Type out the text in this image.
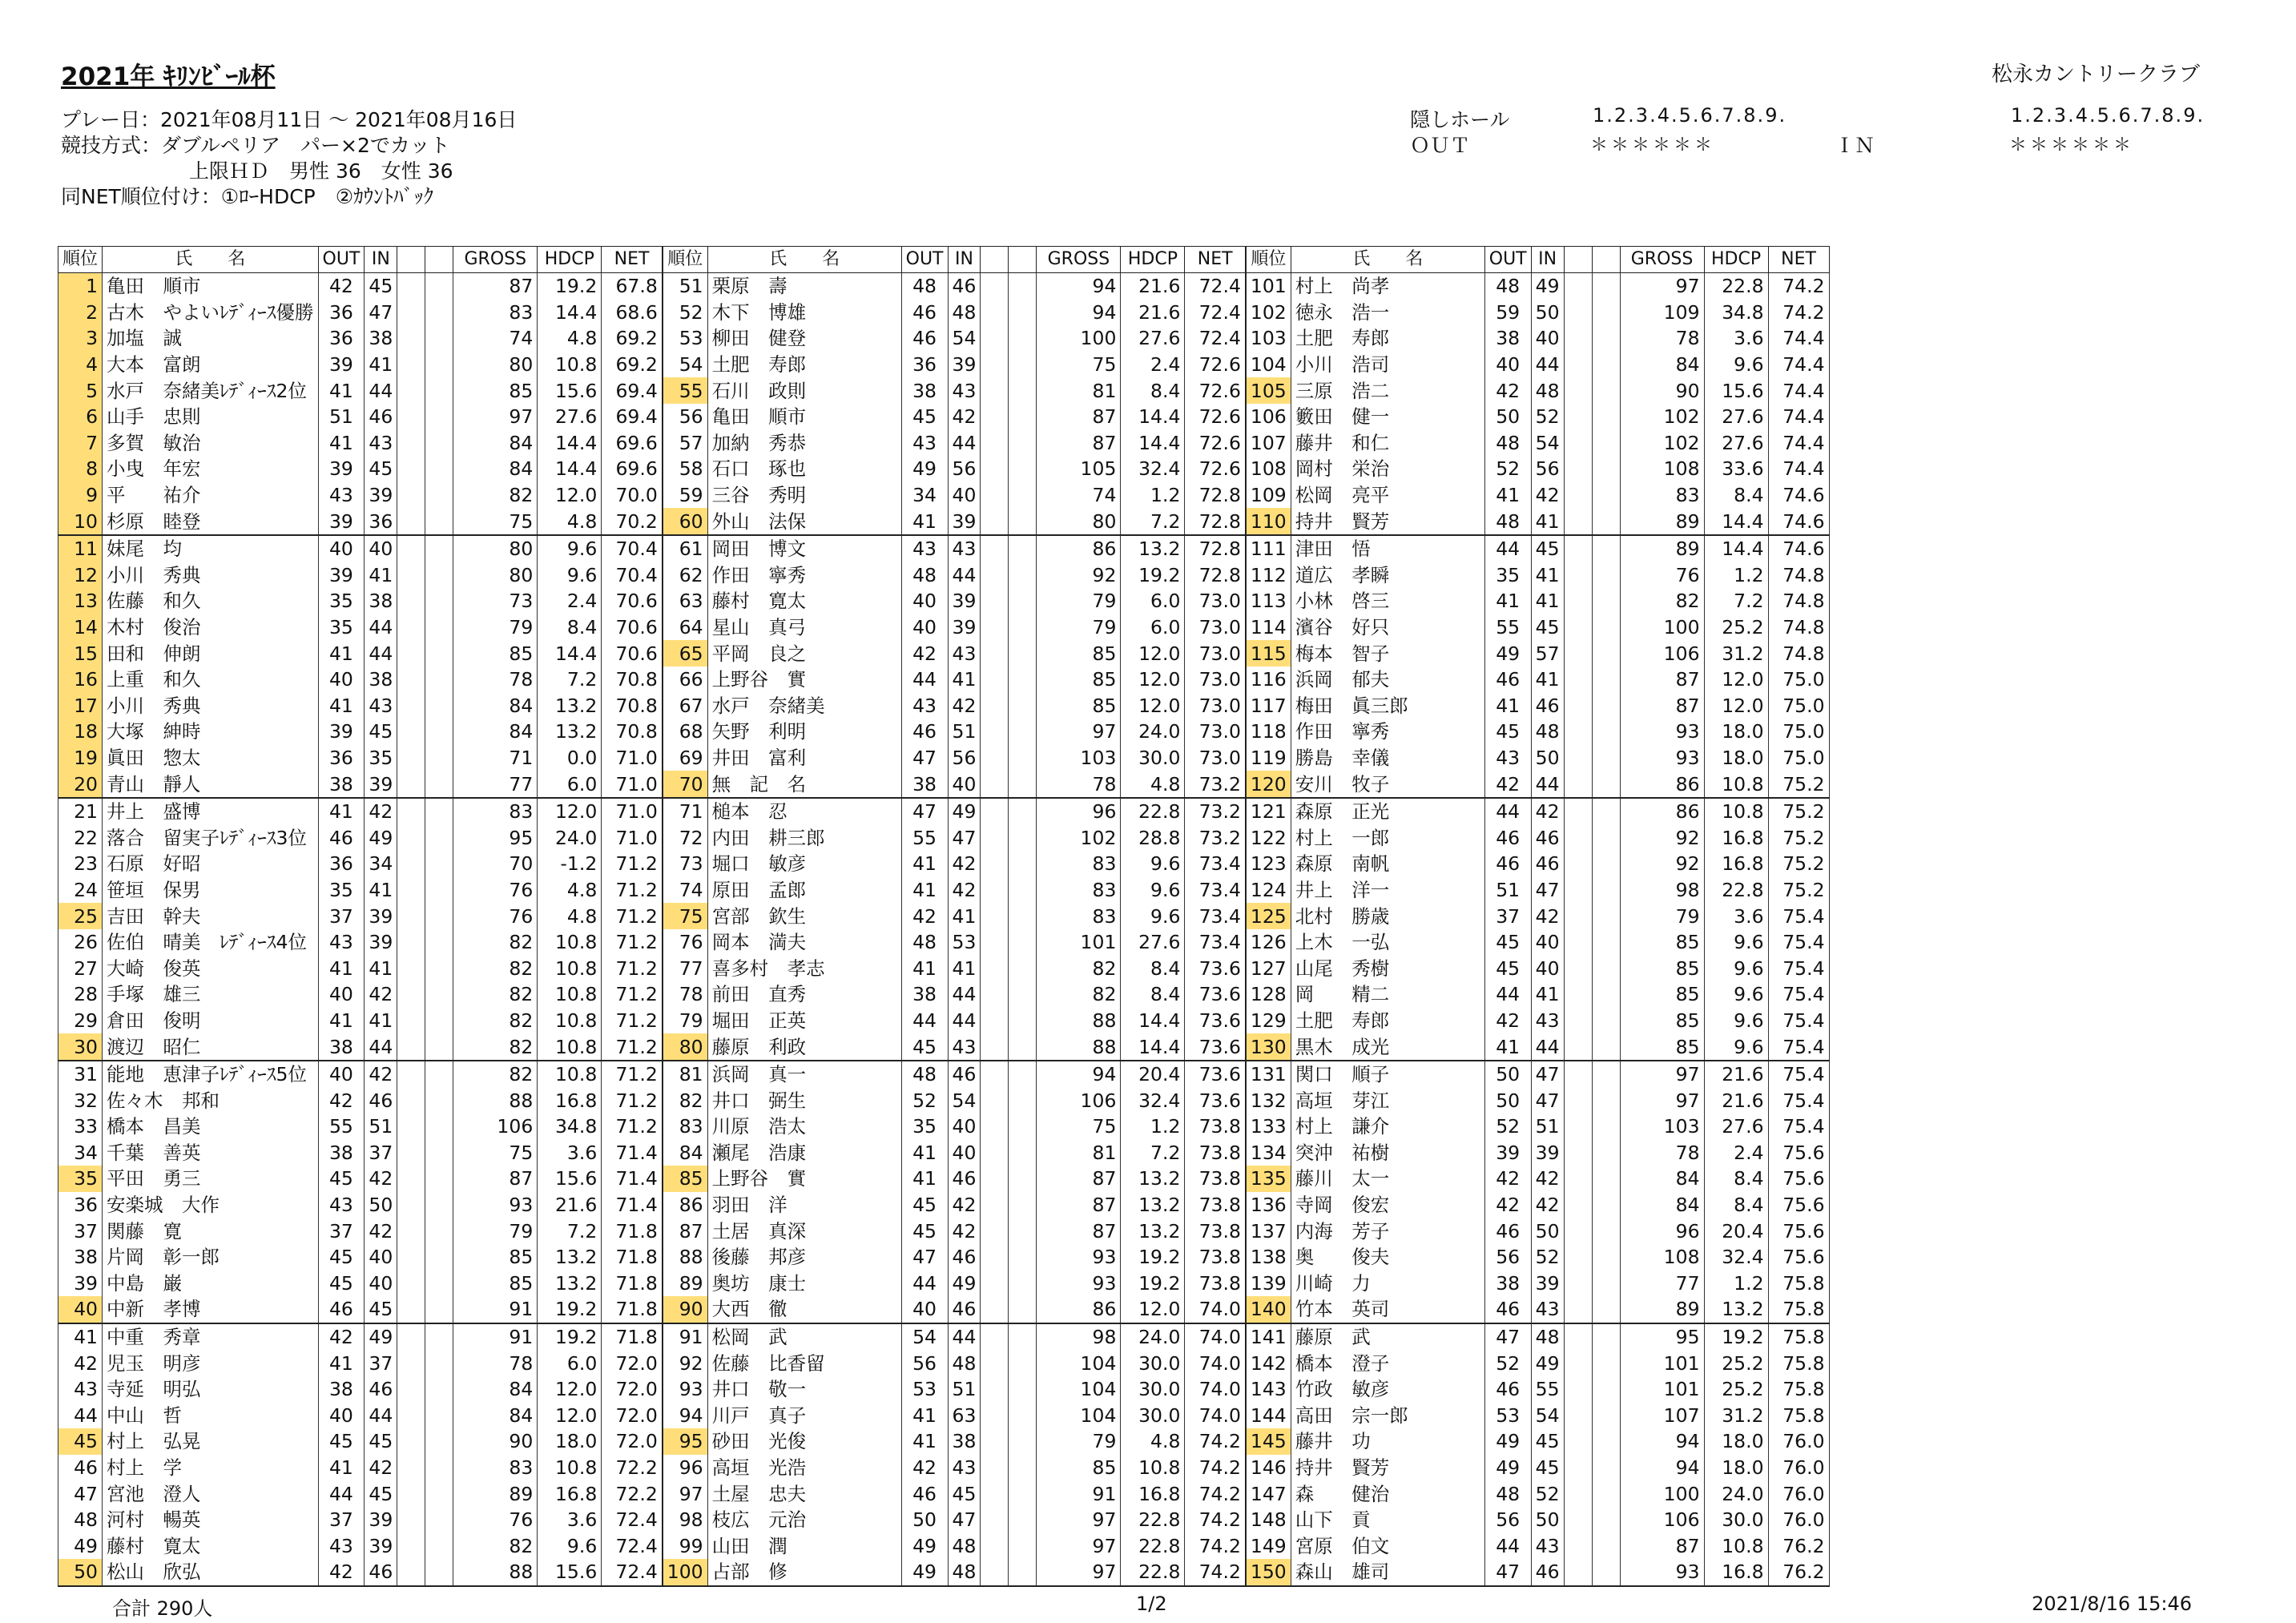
2021年 ｷﾘﾝﾋﾞｰﾙ杯	松永カントリークラブ
プレー日：2021年08月11日 ～ 2021年08月16日
競技方式：ダブルペリア　パー×2でカット
上限ＨＤ　男性 36　女性 36
同NET順位付け：①ﾛｰHDCP　②ｶｳﾝﾄﾊﾞｯｸ
隠しホール	1.2.3.4.5.6.7.8.9.	1.2.3.4.5.6.7.8.9.
ＯＵＴ	＊＊＊＊＊＊	ＩＮ	＊＊＊＊＊＊
順位	氏　　名	OUT	IN			GROSS	HDCP	NET	順位	氏　　名	OUT	IN			GROSS	HDCP	NET	順位	氏　　名	OUT	IN			GROSS	HDCP	NET
1	亀田　順市	42	45			87	19.2	67.8	51	栗原　壽	48	46			94	21.6	72.4	101	村上　尚孝	48	49			97	22.8	74.2
2	古木　やよいﾚﾃﾞｨｰｽ優勝	36	47			83	14.4	68.6	52	木下　博雄	46	48			94	21.6	72.4	102	徳永　浩一	59	50			109	34.8	74.2
3	加塩　誠	36	38			74	4.8	69.2	53	柳田　健登	46	54			100	27.6	72.4	103	土肥　寿郎	38	40			78	3.6	74.4
4	大本　富朗	39	41			80	10.8	69.2	54	土肥　寿郎	36	39			75	2.4	72.6	104	小川　浩司	40	44			84	9.6	74.4
5	水戸　奈緒美ﾚﾃﾞｨｰｽ2位	41	44			85	15.6	69.4	55	石川　政則	38	43			81	8.4	72.6	105	三原　浩二	42	48			90	15.6	74.4
6	山手　忠則	51	46			97	27.6	69.4	56	亀田　順市	45	42			87	14.4	72.6	106	籔田　健一	50	52			102	27.6	74.4
7	多賀　敏治	41	43			84	14.4	69.6	57	加納　秀恭	43	44			87	14.4	72.6	107	藤井　和仁	48	54			102	27.6	74.4
8	小曳　年宏	39	45			84	14.4	69.6	58	石口　琢也	49	56			105	32.4	72.6	108	岡村　栄治	52	56			108	33.6	74.4
9	平　　祐介	43	39			82	12.0	70.0	59	三谷　秀明	34	40			74	1.2	72.8	109	松岡　亮平	41	42			83	8.4	74.6
10	杉原　睦登	39	36			75	4.8	70.2	60	外山　法保	41	39			80	7.2	72.8	110	持井　賢芳	48	41			89	14.4	74.6
11	妹尾　均	40	40			80	9.6	70.4	61	岡田　博文	43	43			86	13.2	72.8	111	津田　悟	44	45			89	14.4	74.6
12	小川　秀典	39	41			80	9.6	70.4	62	作田　寧秀	48	44			92	19.2	72.8	112	道広　孝瞬	35	41			76	1.2	74.8
13	佐藤　和久	35	38			73	2.4	70.6	63	藤村　寛太	40	39			79	6.0	73.0	113	小林　啓三	41	41			82	7.2	74.8
14	木村　俊治	35	44			79	8.4	70.6	64	星山　真弓	40	39			79	6.0	73.0	114	濱谷　好只	55	45			100	25.2	74.8
15	田和　伸朗	41	44			85	14.4	70.6	65	平岡　良之	42	43			85	12.0	73.0	115	梅本　智子	49	57			106	31.2	74.8
16	上重　和久	40	38			78	7.2	70.8	66	上野谷　實	44	41			85	12.0	73.0	116	浜岡　郁夫	46	41			87	12.0	75.0
17	小川　秀典	41	43			84	13.2	70.8	67	水戸　奈緒美	43	42			85	12.0	73.0	117	梅田　眞三郎	41	46			87	12.0	75.0
18	大塚　紳時	39	45			84	13.2	70.8	68	矢野　利明	46	51			97	24.0	73.0	118	作田　寧秀	45	48			93	18.0	75.0
19	眞田　惣太	36	35			71	0.0	71.0	69	井田　富利	47	56			103	30.0	73.0	119	勝島　幸儀	43	50			93	18.0	75.0
20	青山　靜人	38	39			77	6.0	71.0	70	無　記　名	38	40			78	4.8	73.2	120	安川　牧子	42	44			86	10.8	75.2
21	井上　盛博	41	42			83	12.0	71.0	71	槌本　忍	47	49			96	22.8	73.2	121	森原　正光	44	42			86	10.8	75.2
22	落合　留実子ﾚﾃﾞｨｰｽ3位	46	49			95	24.0	71.0	72	内田　耕三郎	55	47			102	28.8	73.2	122	村上　一郎	46	46			92	16.8	75.2
23	石原　好昭	36	34			70	-1.2	71.2	73	堀口　敏彦	41	42			83	9.6	73.4	123	森原　南帆	46	46			92	16.8	75.2
24	笹垣　保男	35	41			76	4.8	71.2	74	原田　孟郎	41	42			83	9.6	73.4	124	井上　洋一	51	47			98	22.8	75.2
25	吉田　幹夫	37	39			76	4.8	71.2	75	宮部　欽生	42	41			83	9.6	73.4	125	北村　勝歳	37	42			79	3.6	75.4
26	佐伯　晴美　ﾚﾃﾞｨｰｽ4位	43	39			82	10.8	71.2	76	岡本　満夫	48	53			101	27.6	73.4	126	上木　一弘	45	40			85	9.6	75.4
27	大崎　俊英	41	41			82	10.8	71.2	77	喜多村　孝志	41	41			82	8.4	73.6	127	山尾　秀樹	45	40			85	9.6	75.4
28	手塚　雄三	40	42			82	10.8	71.2	78	前田　直秀	38	44			82	8.4	73.6	128	岡　　精二	44	41			85	9.6	75.4
29	倉田　俊明	41	41			82	10.8	71.2	79	堀田　正英	44	44			88	14.4	73.6	129	土肥　寿郎	42	43			85	9.6	75.4
30	渡辺　昭仁	38	44			82	10.8	71.2	80	藤原　利政	45	43			88	14.4	73.6	130	黒木　成光	41	44			85	9.6	75.4
31	能地　恵津子ﾚﾃﾞｨｰｽ5位	40	42			82	10.8	71.2	81	浜岡　真一	48	46			94	20.4	73.6	131	関口　順子	50	47			97	21.6	75.4
32	佐々木　邦和	42	46			88	16.8	71.2	82	井口　弼生	52	54			106	32.4	73.6	132	高垣　芽江	50	47			97	21.6	75.4
33	橋本　昌美	55	51			106	34.8	71.2	83	川原　浩太	35	40			75	1.2	73.8	133	村上　謙介	52	51			103	27.6	75.4
34	千葉　善英	38	37			75	3.6	71.4	84	瀬尾　浩康	41	40			81	7.2	73.8	134	突沖　祐樹	39	39			78	2.4	75.6
35	平田　勇三	45	42			87	15.6	71.4	85	上野谷　實	41	46			87	13.2	73.8	135	藤川　太一	42	42			84	8.4	75.6
36	安楽城　大作	43	50			93	21.6	71.4	86	羽田　洋	45	42			87	13.2	73.8	136	寺岡　俊宏	42	42			84	8.4	75.6
37	関藤　寛	37	42			79	7.2	71.8	87	土居　真深	45	42			87	13.2	73.8	137	内海　芳子	46	50			96	20.4	75.6
38	片岡　彰一郎	45	40			85	13.2	71.8	88	後藤　邦彦	47	46			93	19.2	73.8	138	奥　　俊夫	56	52			108	32.4	75.6
39	中島　巌	45	40			85	13.2	71.8	89	奥坊　康士	44	49			93	19.2	73.8	139	川崎　力	38	39			77	1.2	75.8
40	中新　孝博	46	45			91	19.2	71.8	90	大西　徹	40	46			86	12.0	74.0	140	竹本　英司	46	43			89	13.2	75.8
41	中重　秀章	42	49			91	19.2	71.8	91	松岡　武	54	44			98	24.0	74.0	141	藤原　武	47	48			95	19.2	75.8
42	児玉　明彦	41	37			78	6.0	72.0	92	佐藤　比香留	56	48			104	30.0	74.0	142	橋本　澄子	52	49			101	25.2	75.8
43	寺延　明弘	38	46			84	12.0	72.0	93	井口　敬一	53	51			104	30.0	74.0	143	竹政　敏彦	46	55			101	25.2	75.8
44	中山　哲	40	44			84	12.0	72.0	94	川戸　真子	41	63			104	30.0	74.0	144	高田　宗一郎	53	54			107	31.2	75.8
45	村上　弘晃	45	45			90	18.0	72.0	95	砂田　光俊	41	38			79	4.8	74.2	145	藤井　功	49	45			94	18.0	76.0
46	村上　学	41	42			83	10.8	72.2	96	高垣　光浩	42	43			85	10.8	74.2	146	持井　賢芳	49	45			94	18.0	76.0
47	宮池　澄人	44	45			89	16.8	72.2	97	土屋　忠夫	46	45			91	16.8	74.2	147	森　　健治	48	52			100	24.0	76.0
48	河村　暢英	37	39			76	3.6	72.4	98	枝広　元治	50	47			97	22.8	74.2	148	山下　貢	56	50			106	30.0	76.0
49	藤村　寛太	43	39			82	9.6	72.4	99	山田　潤	49	48			97	22.8	74.2	149	宮原　伯文	44	43			87	10.8	76.2
50	松山　欣弘	42	46			88	15.6	72.4	100	占部　修	49	48			97	22.8	74.2	150	森山　雄司	47	46			93	16.8	76.2
合計 290人	1/2	2021/8/16 15:46
